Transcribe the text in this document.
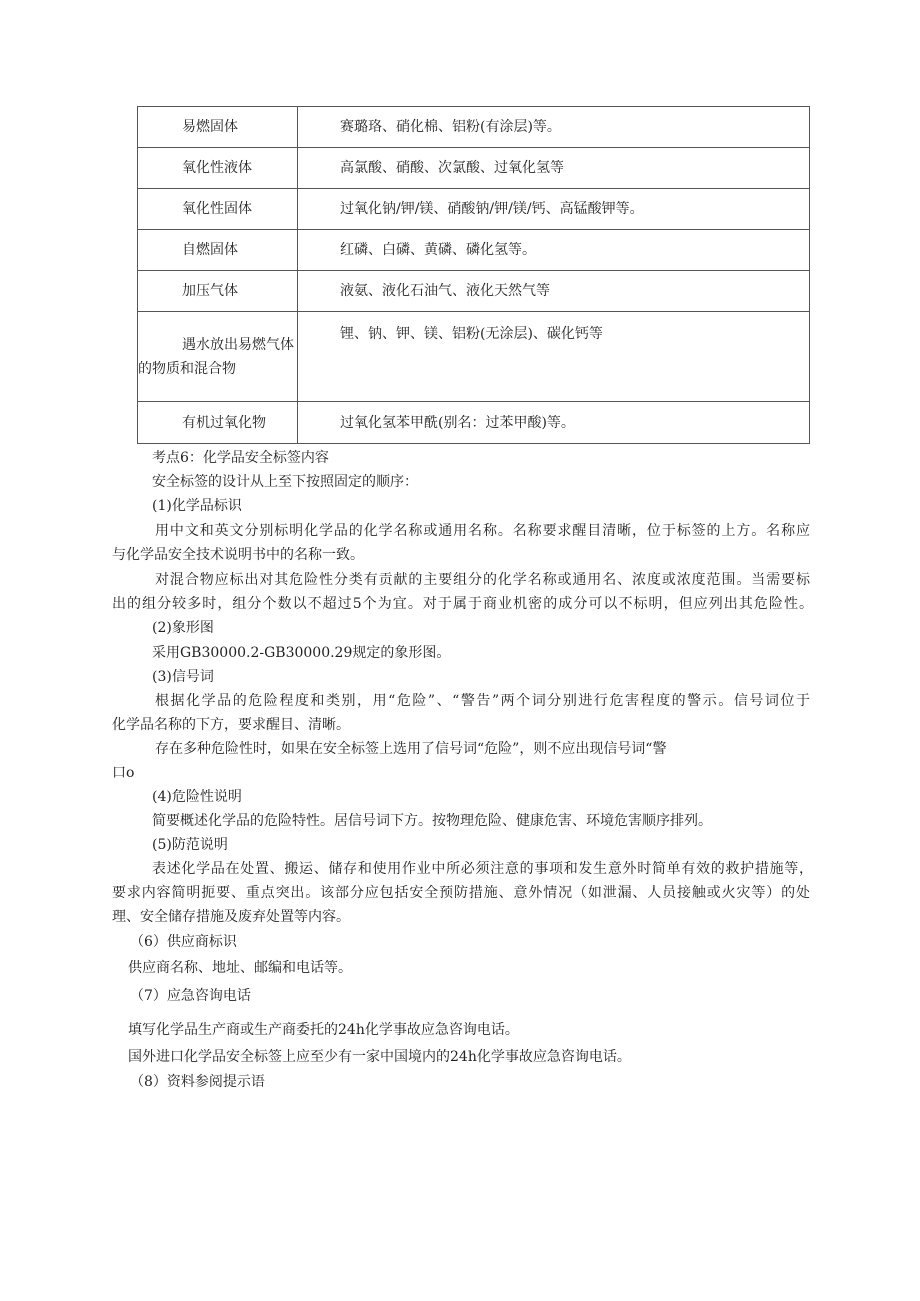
易燃固体	赛璐珞、硝化棉、铝粉(有涂层)等。
氧化性液体	高氯酸、硝酸、次氯酸、过氧化氢等
氧化性固体	过氧化钠/钾/镁、硝酸钠/钾/镁/钙、高锰酸钾等。
自燃固体	红磷、白磷、黄磷、磷化氢等。
加压气体	液氨、液化石油气、液化天然气等
遇水放出易燃气体的物质和混合物	锂、钠、钾、镁、铝粉(无涂层)、碳化钙等
有机过氧化物	过氧化氢苯甲酰(别名：过苯甲酸)等。
考点6：化学品安全标签内容
安全标签的设计从上至下按照固定的顺序：
(1)化学品标识
用中文和英文分别标明化学品的化学名称或通用名称。名称要求醒目清晰，位于标签的上方。名称应
与化学品安全技术说明书中的名称一致。
对混合物应标出对其危险性分类有贡献的主要组分的化学名称或通用名、浓度或浓度范围。当需要标
出的组分较多时，组分个数以不超过5个为宜。对于属于商业机密的成分可以不标明，但应列出其危险性。
(2)象形图
采用GB30000.2-GB30000.29规定的象形图。
(3)信号词
根据化学品的危险程度和类别，用“危险”、“警告”两个词分别进行危害程度的警示。信号词位于
化学品名称的下方，要求醒目、清晰。
存在多种危险性时，如果在安全标签上选用了信号词“危险”，则不应出现信号词“警
口o
(4)危险性说明
简要概述化学品的危险特性。居信号词下方。按物理危险、健康危害、环境危害顺序排列。
(5)防范说明
表述化学品在处置、搬运、储存和使用作业中所必须注意的事项和发生意外时简单有效的救护措施等，
要求内容简明扼要、重点突出。该部分应包括安全预防措施、意外情况（如泄漏、人员接触或火灾等）的处
理、安全储存措施及废弃处置等内容。
（6）供应商标识
供应商名称、地址、邮编和电话等。
（7）应急咨询电话
填写化学品生产商或生产商委托的24h化学事故应急咨询电话。
国外进口化学品安全标签上应至少有一家中国境内的24h化学事故应急咨询电话。
（8）资料参阅提示语
